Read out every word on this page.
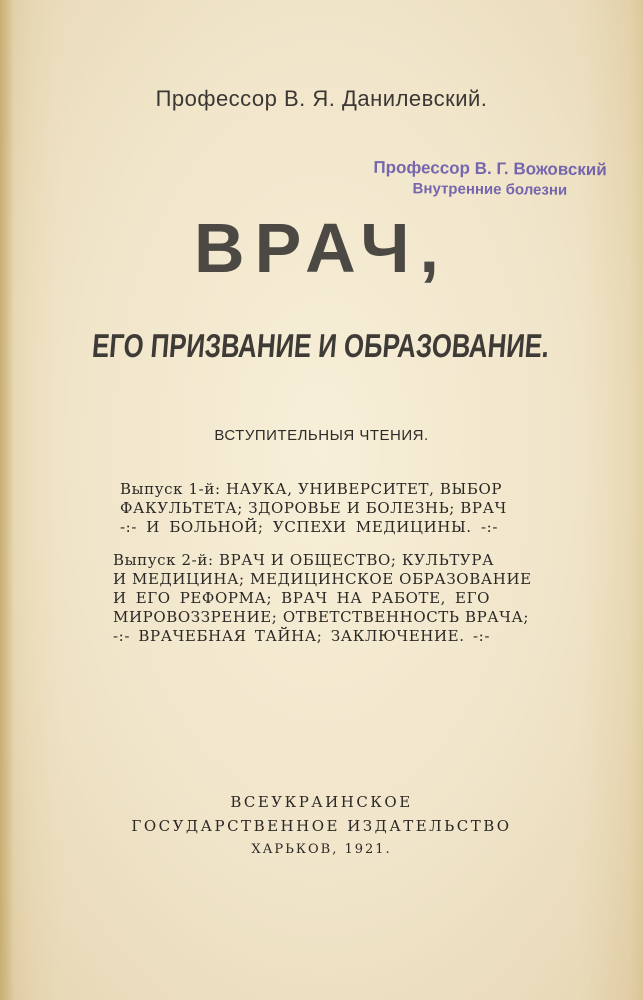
Профессор В. Я. Данилевский.

Профессор В. Г. Вожовский
Внутренние болезни
ВРАЧ,
ЕГО ПРИЗВАНИЕ И ОБРАЗОВАНИЕ.

ВСТУПИТЕЛЬНЫЯ ЧТЕНИЯ.

Выпуск 1-й: НАУКА, УНИВЕРСИТЕТ, ВЫБОР
ФАКУЛЬТЕТА; ЗДОРОВЬЕ И БОЛЕЗНЬ; ВРАЧ
-:- И БОЛЬНОЙ; УСПЕХИ МЕДИЦИНЫ. -:-
Выпуск 2-й: ВРАЧ И ОБЩЕСТВО; КУЛЬТУРА
И МЕДИЦИНА; МЕДИЦИНСКОЕ ОБРАЗОВАНИЕ
И ЕГО РЕФОРМА; ВРАЧ НА РАБОТЕ, ЕГО
МИРОВОЗЗРЕНИЕ; ОТВЕТСТВЕННОСТЬ ВРАЧА;
-:- ВРАЧЕБНАЯ ТАЙНА; ЗАКЛЮЧЕНИЕ. -:-
ВСЕУКРАИНСКОЕ
ГОСУДАРСТВЕННОЕ ИЗДАТЕЛЬСТВО
ХАРЬКОВ, 1921.
